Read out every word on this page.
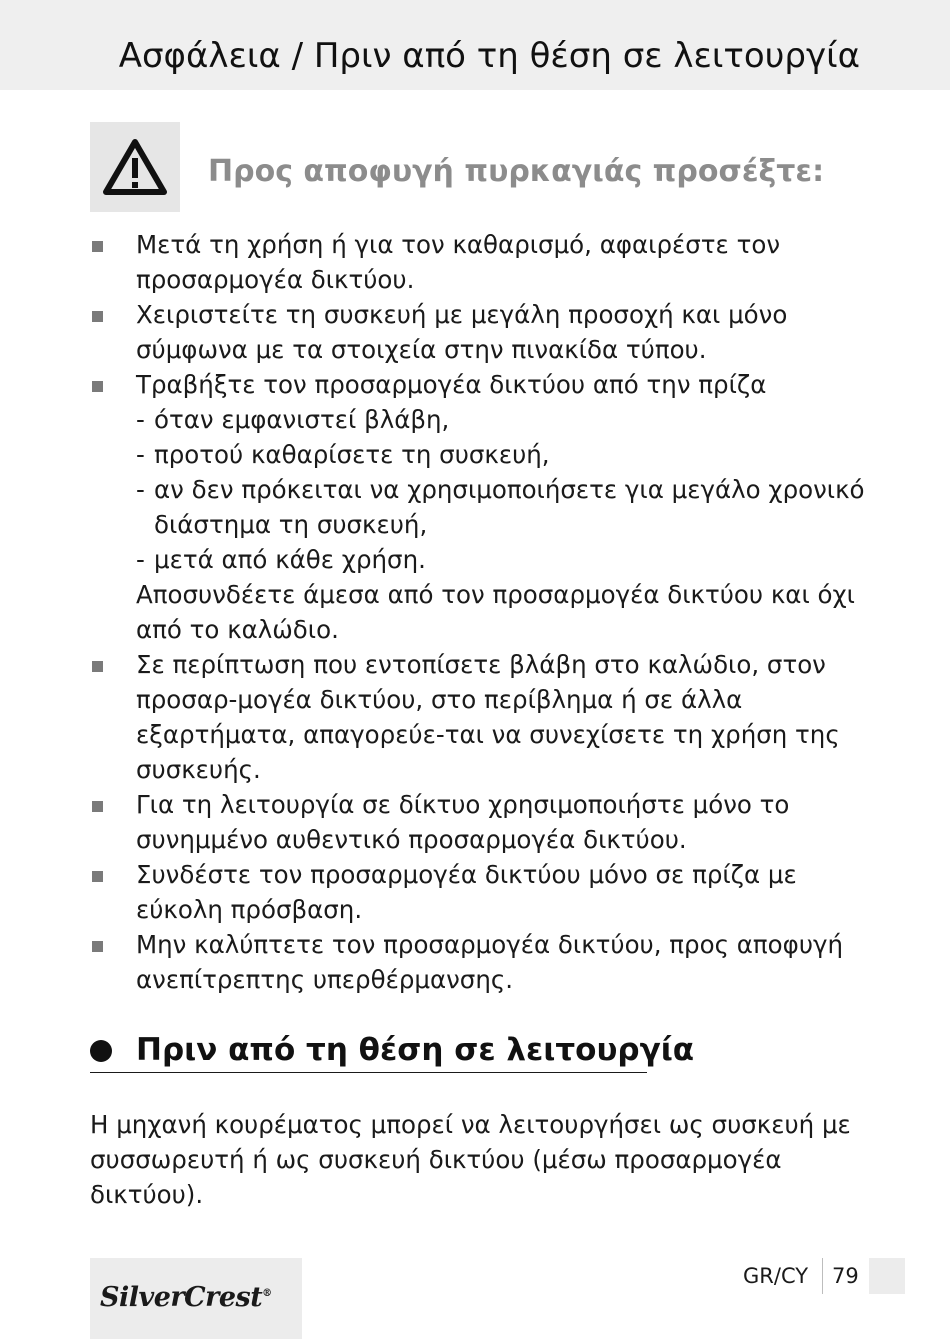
Ασφάλεια / Πριν από τη θέση σε λειτουργία
Προς αποφυγή πυρκαγιάς προσέξτε:
Μετά τη χρήση ή για τον καθαρισμό, αφαιρέστε τον προσαρμογέα δικτύου.
Χειριστείτε τη συσκευή με μεγάλη προσοχή και μόνο σύμφωνα με τα στοιχεία στην πινακίδα τύπου.
Τραβήξτε τον προσαρμογέα δικτύου από την πρίζα
- όταν εμφανιστεί βλάβη,
- προτού καθαρίσετε τη συσκευή,
- αν δεν πρόκειται να χρησιμοποιήσετε για μεγάλο χρονικό διάστημα τη συσκευή,
- μετά από κάθε χρήση.
Αποσυνδέετε άμεσα από τον προσαρμογέα δικτύου και όχι από το καλώδιο.
Σε περίπτωση που εντοπίσετε βλάβη στο καλώδιο, στον προσαρ-μογέα δικτύου, στο περίβλημα ή σε άλλα εξαρτήματα, απαγορεύε-ται να συνεχίσετε τη χρήση της συσκευής.
Για τη λειτουργία σε δίκτυο χρησιμοποιήστε μόνο το συνημμένο αυθεντικό προσαρμογέα δικτύου.
Συνδέστε τον προσαρμογέα δικτύου μόνο σε πρίζα με εύκολη πρόσβαση.
Μην καλύπτετε τον προσαρμογέα δικτύου, προς αποφυγή ανεπίτρεπτης υπερθέρμανσης.
Πριν από τη θέση σε λειτουργία

Η μηχανή κουρέματος μπορεί να λειτουργήσει ως συσκευή με συσσωρευτή ή ως συσκευή δικτύου (μέσω προσαρμογέα δικτύου).

SilverCrest®
GR/CY 79
